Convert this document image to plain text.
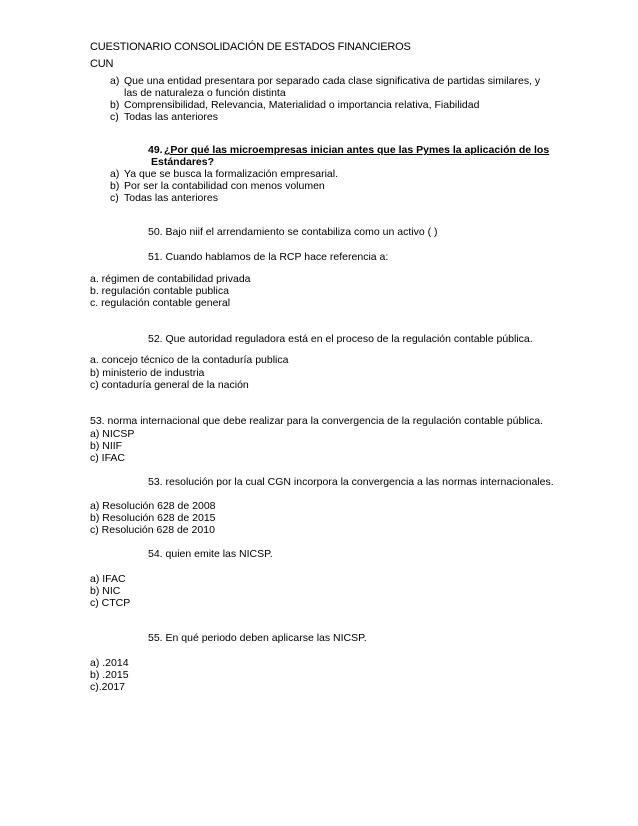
CUESTIONARIO CONSOLIDACIÓN DE ESTADOS FINANCIEROS
CUN
a) Que una entidad presentara por separado cada clase significativa de partidas similares, y
las de naturaleza o función distinta
b) Comprensibilidad, Relevancia, Materialidad o importancia relativa, Fiabilidad
c) Todas las anteriores
49. ¿Por qué las microempresas inician antes que las Pymes la aplicación de los
Estándares?
a) Ya que se busca la formalización empresarial.
b) Por ser la contabilidad con menos volumen
c) Todas las anteriores
50. Bajo niif el arrendamiento se contabiliza como un activo ( )
51. Cuando hablamos de la RCP hace referencia a:
a. régimen de contabilidad privada
b. regulación contable publica
c. regulación contable general
52. Que autoridad reguladora está en el proceso de la regulación contable pública.
a. concejo técnico de la contaduría publica
b) ministerio de industria
c) contaduría general de la nación
53. norma internacional que debe realizar para la convergencia de la regulación contable pública.
a) NICSP
b) NIIF
c) IFAC
53. resolución por la cual CGN incorpora la convergencia a las normas internacionales.
a) Resolución 628 de 2008
b) Resolución 628 de 2015
c) Resolución 628 de 2010
54. quien emite las NICSP.
a) IFAC
b) NIC
c) CTCP
55. En qué periodo deben aplicarse las NICSP.
a) .2014
b) .2015
c).2017
